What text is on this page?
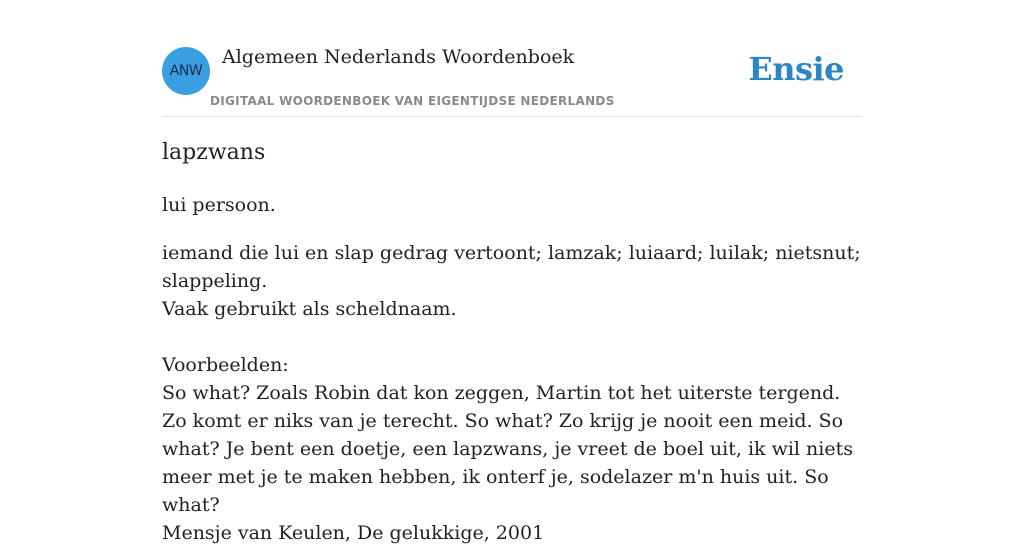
ANW
Algemeen Nederlands Woordenboek
DIGITAAL WOORDENBOEK VAN EIGENTIJDSE NEDERLANDS
Ensie
lapzwans

lui persoon.

iemand die lui en slap gedrag vertoont; lamzak; luiaard; luilak; nietsnut; slappeling.

Vaak gebruikt als scheldnaam.

Voorbeelden:

So what? Zoals Robin dat kon zeggen, Martin tot het uiterste tergend. Zo komt er niks van je terecht. So what? Zo krijg je nooit een meid. So what? Je bent een doetje, een lapzwans, je vreet de boel uit, ik wil niets meer met je te maken hebben, ik onterf je, sodelazer m'n huis uit. So what?

Mensje van Keulen, De gelukkige, 2001
